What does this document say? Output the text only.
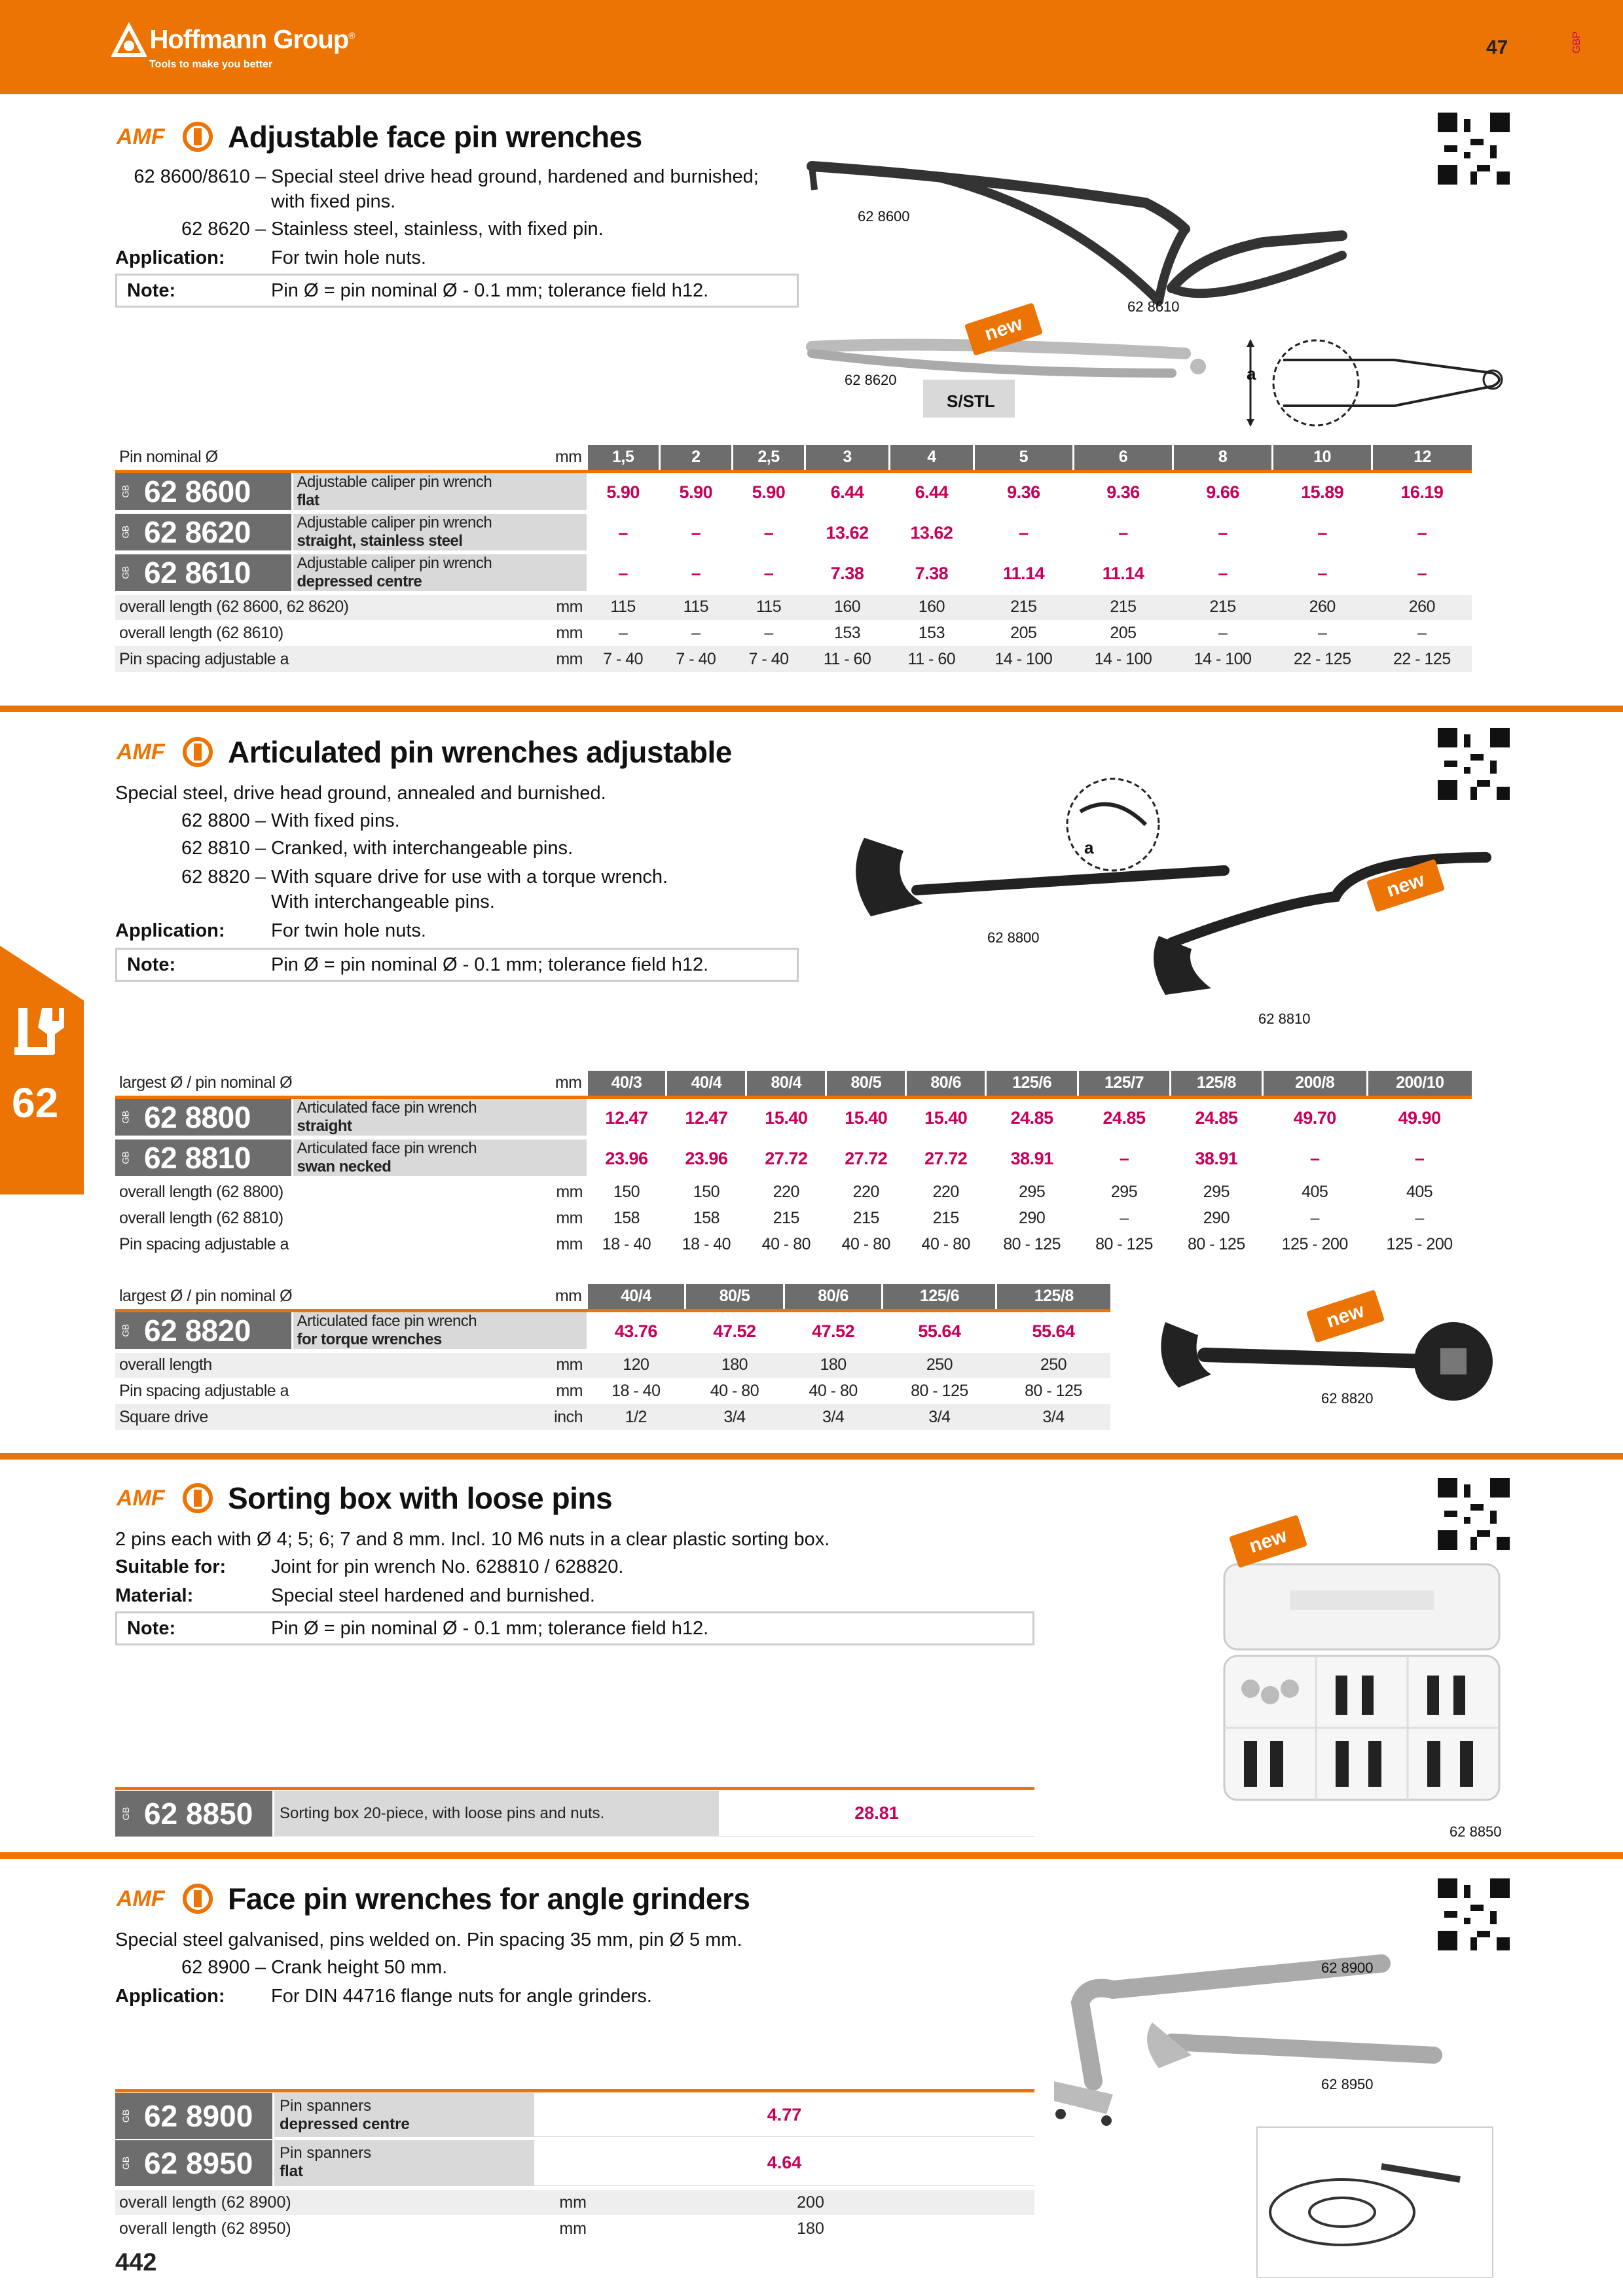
Hoffmann Group®
Tools to make you better
47	GBP
62
AMF Adjustable face pin wrenches
62 8600/8610 – Special steel drive head ground, hardened and burnished;
with fixed pins.
62 8620 – Stainless steel, stainless, with fixed pin.
Application: For twin hole nuts.
Note:	Pin Ø = pin nominal Ø - 0.1 mm; tolerance field h12.
62 8600
62 8610
62 8620
S/STL
new
a
Pin nominal Ø	mm	1,5	2	2,5	3	4	5	6	8	10	12

GB 62 8600	Adjustable caliper pin wrench
flat
		5.90	5.90	5.90	6.44	6.44	9.36	9.36	9.66	15.89	16.19

GB 62 8620	Adjustable caliper pin wrench
straight, stainless steel
		–	–	–	13.62	13.62	–	–	–	–	–

GB 62 8610	Adjustable caliper pin wrench
depressed centre
		–	–	–	7.38	7.38	11.14	11.14	–	–	–
overall length (62 8600, 62 8620)	mm	115	115	115	160	160	215	215	215	260	260
overall length (62 8610)	mm	–	–	–	153	153	205	205	–	–	–
Pin spacing adjustable a	mm	7 - 40	7 - 40	7 - 40	11 - 60	11 - 60	14 - 100	14 - 100	14 - 100	22 - 125	22 - 125
AMF Articulated pin wrenches adjustable
Special steel, drive head ground, annealed and burnished.
62 8800 – With fixed pins.
62 8810 – Cranked, with interchangeable pins.
62 8820 – With square drive for use with a torque wrench.
With interchangeable pins.
Application: For twin hole nuts.
Note:	Pin Ø = pin nominal Ø - 0.1 mm; tolerance field h12.
62 8800
62 8810
a
new
largest Ø / pin nominal Ø	mm	40/3	40/4	80/4	80/5	80/6	125/6	125/7	125/8	200/8	200/10

GB 62 8800	Articulated face pin wrench
straight
		12.47	12.47	15.40	15.40	15.40	24.85	24.85	24.85	49.70	49.90

GB 62 8810	Articulated face pin wrench
swan necked
		23.96	23.96	27.72	27.72	27.72	38.91	–	38.91	–	–
overall length (62 8800)	mm	150	150	220	220	220	295	295	295	405	405
overall length (62 8810)	mm	158	158	215	215	215	290	–	290	–	–
Pin spacing adjustable a	mm	18 - 40	18 - 40	40 - 80	40 - 80	40 - 80	80 - 125	80 - 125	80 - 125	125 - 200	125 - 200
largest Ø / pin nominal Ø	mm	40/4	80/5	80/6	125/6	125/8

GB 62 8820	Articulated face pin wrench
for torque wrenches
		43.76	47.52	47.52	55.64	55.64
overall length	mm	120	180	180	250	250
Pin spacing adjustable a	mm	18 - 40	40 - 80	40 - 80	80 - 125	80 - 125
Square drive	inch	1/2	3/4	3/4	3/4	3/4
62 8820
new
AMF Sorting box with loose pins
2 pins each with Ø 4; 5; 6; 7 and 8 mm. Incl. 10 M6 nuts in a clear plastic sorting box.
Suitable for: Joint for pin wrench No. 628810 / 628820.
Material:	Special steel hardened and burnished.
Note:	Pin Ø = pin nominal Ø - 0.1 mm; tolerance field h12.
new
62 8850
GB 62 8850	Sorting box 20-piece, with loose pins and nuts.	28.81
AMF Face pin wrenches for angle grinders
Special steel galvanised, pins welded on. Pin spacing 35 mm, pin Ø 5 mm.
62 8900 – Crank height 50 mm.
Application: For DIN 44716 flange nuts for angle grinders.
62 8900
62 8950
GB 62 8900	Pin spanners
depressed centre	4.77
GB 62 8950	Pin spanners
flat	4.64
overall length (62 8900)	mm	200
overall length (62 8950)	mm	180
442
